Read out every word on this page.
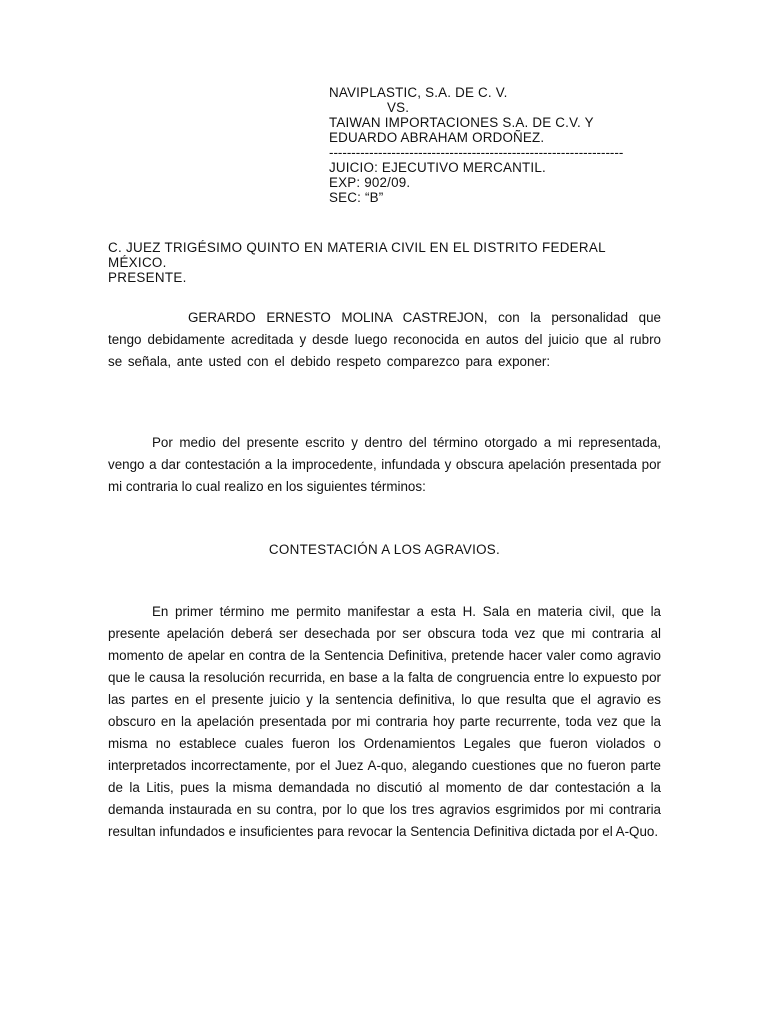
NAVIPLASTIC, S.A. DE C. V.
VS.
TAIWAN IMPORTACIONES S.A. DE C.V. Y
EDUARDO ABRAHAM ORDOÑEZ.
------------------------------------------------------------------
JUICIO: EJECUTIVO MERCANTIL.
EXP: 902/09.
SEC: “B”
C. JUEZ TRIGÉSIMO QUINTO EN MATERIA CIVIL EN EL DISTRITO FEDERAL
MÉXICO.
PRESENTE.

GERARDO ERNESTO MOLINA CASTREJON, con la personalidad que tengo debidamente acreditada y desde luego reconocida en autos del juicio que al rubro se señala, ante usted con el debido respeto comparezco para exponer:

Por medio del presente escrito y dentro del término otorgado a mi representada, vengo a dar contestación a la improcedente, infundada y obscura apelación presentada por mi contraria lo cual realizo en los siguientes términos:

CONTESTACIÓN A LOS AGRAVIOS.

En primer término me permito manifestar a esta H. Sala en materia civil, que la presente apelación deberá ser desechada por ser obscura toda vez que mi contraria al momento de apelar en contra de la Sentencia Definitiva, pretende hacer valer como agravio que le causa la resolución recurrida, en base a la falta de congruencia entre lo expuesto por las partes en el presente juicio y la sentencia definitiva, lo que resulta que el agravio es obscuro en la apelación presentada por mi contraria hoy parte recurrente, toda vez que la misma no establece cuales fueron los Ordenamientos Legales que fueron violados o interpretados incorrectamente, por el Juez A-quo, alegando cuestiones que no fueron parte de la Litis, pues la misma demandada no discutió al momento de dar contestación a la demanda instaurada en su contra, por lo que los tres agravios esgrimidos por mi contraria resultan infundados e insuficientes para revocar la Sentencia Definitiva dictada por el A-Quo.
